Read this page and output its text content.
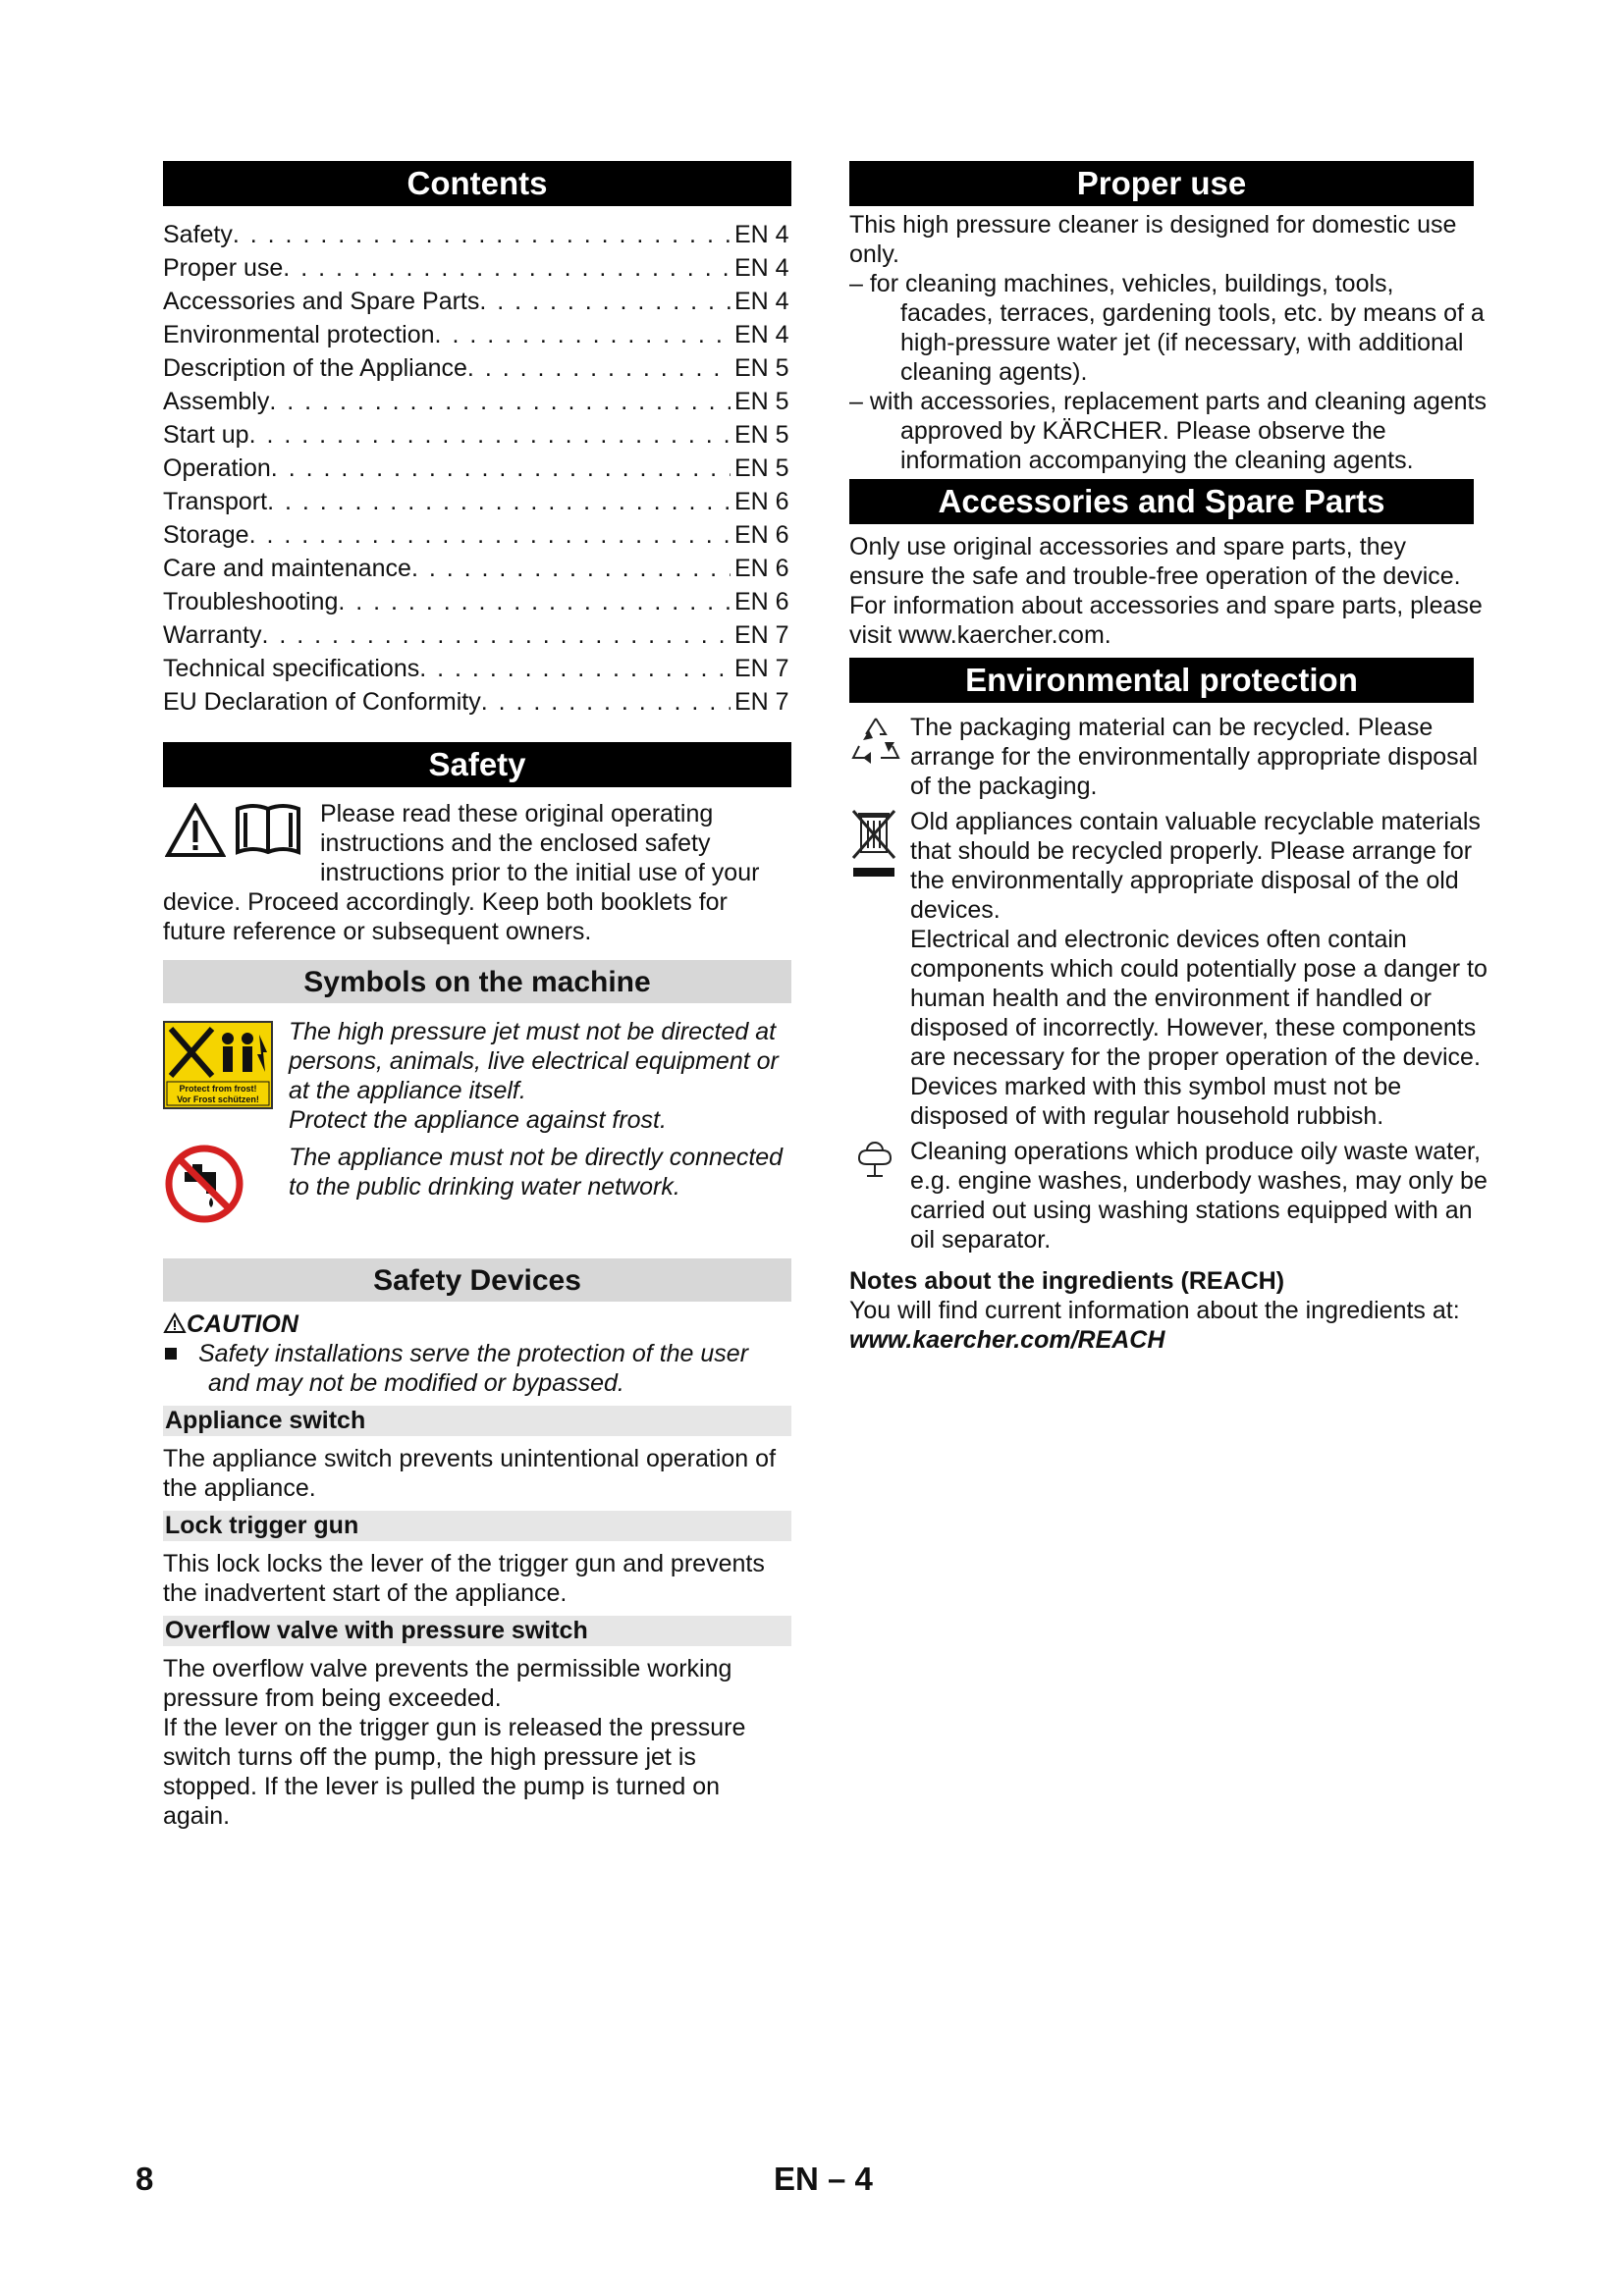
Contents
Safety . . .	EN 4
Proper use . . .	EN 4
Accessories and Spare Parts . . .	EN 4
Environmental protection . . .	EN 4
Description of the Appliance . . .	EN 5
Assembly . . .	EN 5
Start up . . .	EN 5
Operation . . .	EN 5
Transport . . .	EN 6
Storage . . .	EN 6
Care and maintenance . . .	EN 6
Troubleshooting . . .	EN 6
Warranty . . .	EN 7
Technical specifications . . .	EN 7
EU Declaration of Conformity . . .	EN 7
Safety

Please read these original operating instructions and the enclosed safety instructions prior to the initial use of your device. Proceed accordingly. Keep both booklets for future reference or subsequent owners.

Symbols on the machine
Protect from frost!
Vor Frost schützen!

The high pressure jet must not be directed at persons, animals, live electrical equipment or at the appliance itself.

Protect the appliance against frost.

The appliance must not be directly connected to the public drinking water network.

Safety Devices

CAUTION

Safety installations serve the protection of the user and may not be modified or bypassed.

Appliance switch

The appliance switch prevents unintentional operation of the appliance.

Lock trigger gun

This lock locks the lever of the trigger gun and prevents the inadvertent start of the appliance.

Overflow valve with pressure switch

The overflow valve prevents the permissible working pressure from being exceeded.

If the lever on the trigger gun is released the pressure switch turns off the pump, the high pressure jet is stopped. If the lever is pulled the pump is turned on again.

Proper use

This high pressure cleaner is designed for domestic use only.

– for cleaning machines, vehicles, buildings, tools, facades, terraces, gardening tools, etc. by means of a high-pressure water jet (if necessary, with additional cleaning agents).

– with accessories, replacement parts and cleaning agents approved by KÄRCHER. Please observe the information accompanying the cleaning agents.

Accessories and Spare Parts

Only use original accessories and spare parts, they ensure the safe and trouble-free operation of the device.

For information about accessories and spare parts, please visit www.kaercher.com.

Environmental protection

The packaging material can be recycled. Please arrange for the environmentally appropriate disposal of the packaging.

Old appliances contain valuable recyclable materials that should be recycled properly. Please arrange for the environmentally appropriate disposal of the old devices.

Electrical and electronic devices often contain components which could potentially pose a danger to human health and the environment if handled or disposed of incorrectly. However, these components are necessary for the proper operation of the device. Devices marked with this symbol must not be disposed of with regular household rubbish.

Cleaning operations which produce oily waste water, e.g. engine washes, underbody washes, may only be carried out using washing stations equipped with an oil separator.

Notes about the ingredients (REACH)

You will find current information about the ingredients at:

www.kaercher.com/REACH

8	EN – 4
